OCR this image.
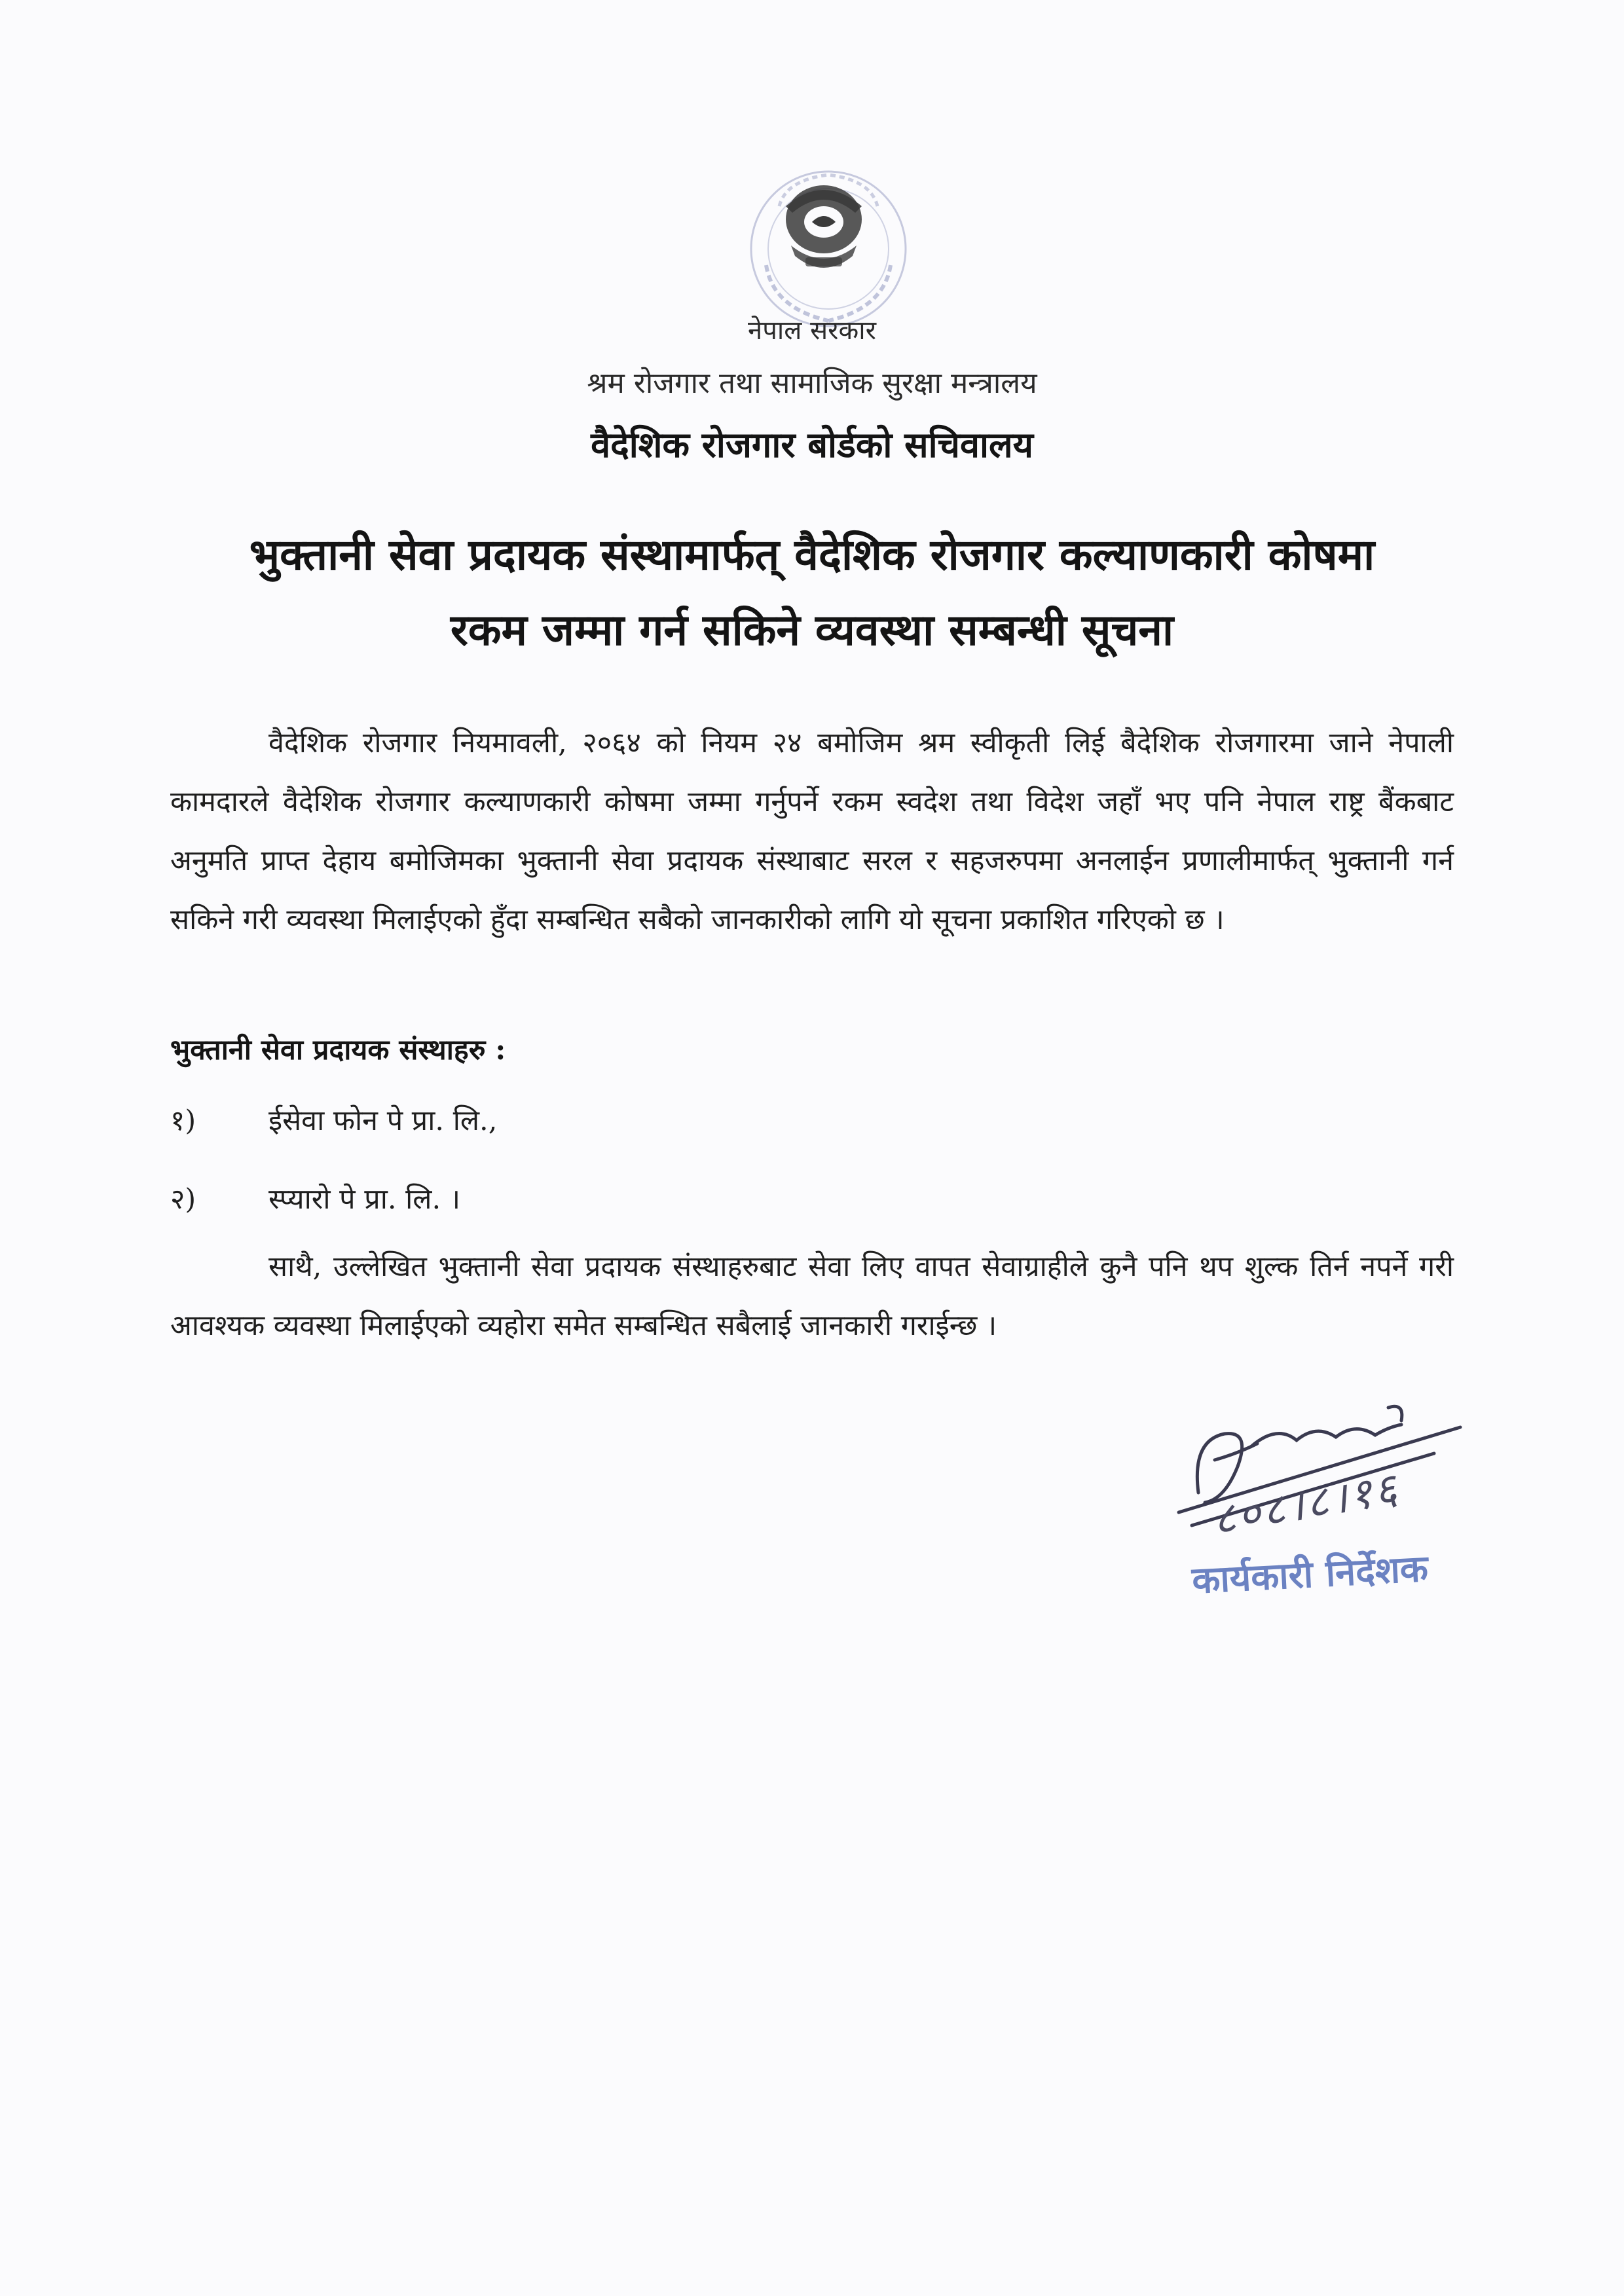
नेपाल सरकार
श्रम रोजगार तथा सामाजिक सुरक्षा मन्त्रालय
वैदेशिक रोजगार बोर्डको सचिवालय
भुक्तानी सेवा प्रदायक संस्थामार्फत् वैदेशिक रोजगार कल्याणकारी कोषमा
रकम जम्मा गर्न सकिने व्यवस्था सम्बन्धी सूचना
वैदेशिक रोजगार नियमावली, २०६४ को नियम २४ बमोजिम श्रम स्वीकृती लिई बैदेशिक रोजगारमा जाने नेपाली कामदारले वैदेशिक रोजगार कल्याणकारी कोषमा जम्मा गर्नुपर्ने रकम स्वदेश तथा विदेश जहाँ भए पनि नेपाल राष्ट्र बैंकबाट अनुमति प्राप्त देहाय बमोजिमका भुक्तानी सेवा प्रदायक संस्थाबाट सरल र सहजरुपमा अनलाईन प्रणालीमार्फत् भुक्तानी गर्न सकिने गरी व्यवस्था मिलाईएको हुँदा सम्बन्धित सबैको जानकारीको लागि यो सूचना प्रकाशित गरिएको छ ।
भुक्तानी सेवा प्रदायक संस्थाहरु :
१)	ईसेवा फोन पे प्रा. लि.,
२)	स्प्यारो पे प्रा. लि. ।
साथै, उल्लेखित भुक्तानी सेवा प्रदायक संस्थाहरुबाट सेवा लिए वापत सेवाग्राहीले कुनै पनि थप शुल्क तिर्न नपर्ने गरी आवश्यक व्यवस्था मिलाईएको व्यहोरा समेत सम्बन्धित सबैलाई जानकारी गराईन्छ ।
८०८।८।१६
कार्यकारी निर्देशक
